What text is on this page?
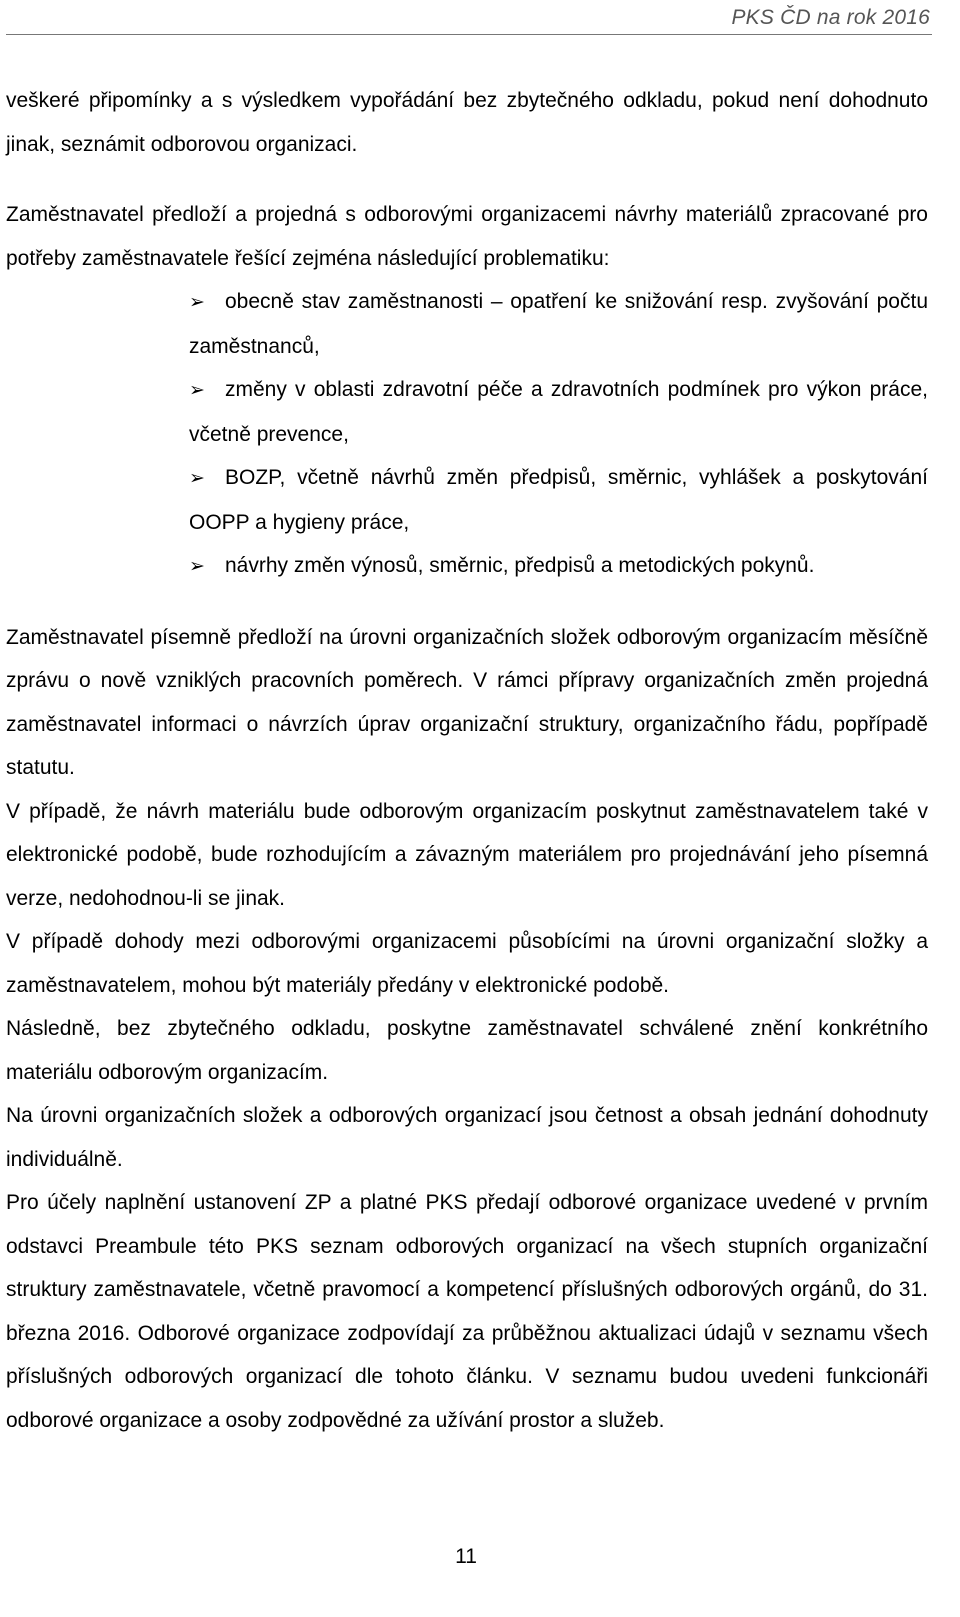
PKS ČD na rok 2016

veškeré připomínky a s výsledkem vypořádání bez zbytečného odkladu, pokud není dohodnuto jinak, seznámit odborovou organizaci.

Zaměstnavatel předloží a projedná s odborovými organizacemi návrhy materiálů zpracované pro potřeby zaměstnavatele řešící zejména následující problematiku:

➢ obecně stav zaměstnanosti – opatření ke snižování resp. zvyšování počtu zaměstnanců,

➢ změny v oblasti zdravotní péče a zdravotních podmínek pro výkon práce, včetně prevence,

➢ BOZP, včetně návrhů změn předpisů, směrnic, vyhlášek a poskytování OOPP a hygieny práce,

➢ návrhy změn výnosů, směrnic, předpisů a metodických pokynů.

Zaměstnavatel písemně předloží na úrovni organizačních složek odborovým organizacím měsíčně zprávu o nově vzniklých pracovních poměrech. V rámci přípravy organizačních změn projedná zaměstnavatel informaci o návrzích úprav organizační struktury, organizačního řádu, popřípadě statutu.

V případě, že návrh materiálu bude odborovým organizacím poskytnut zaměstnavatelem také v elektronické podobě, bude rozhodujícím a závazným materiálem pro projednávání jeho písemná verze, nedohodnou-li se jinak.

V případě dohody mezi odborovými organizacemi působícími na úrovni organizační složky a zaměstnavatelem, mohou být materiály předány v elektronické podobě.

Následně, bez zbytečného odkladu, poskytne zaměstnavatel schválené znění konkrétního materiálu odborovým organizacím.

Na úrovni organizačních složek a odborových organizací jsou četnost a obsah jednání dohodnuty individuálně.

Pro účely naplnění ustanovení ZP a platné PKS předají odborové organizace uvedené v prvním odstavci Preambule této PKS seznam odborových organizací na všech stupních organizační struktury zaměstnavatele, včetně pravomocí a kompetencí příslušných odborových orgánů, do 31. března 2016. Odborové organizace zodpovídají za průběžnou aktualizaci údajů v seznamu všech příslušných odborových organizací dle tohoto článku. V seznamu budou uvedeni funkcionáři odborové organizace a osoby zodpovědné za užívání prostor a služeb.

11
